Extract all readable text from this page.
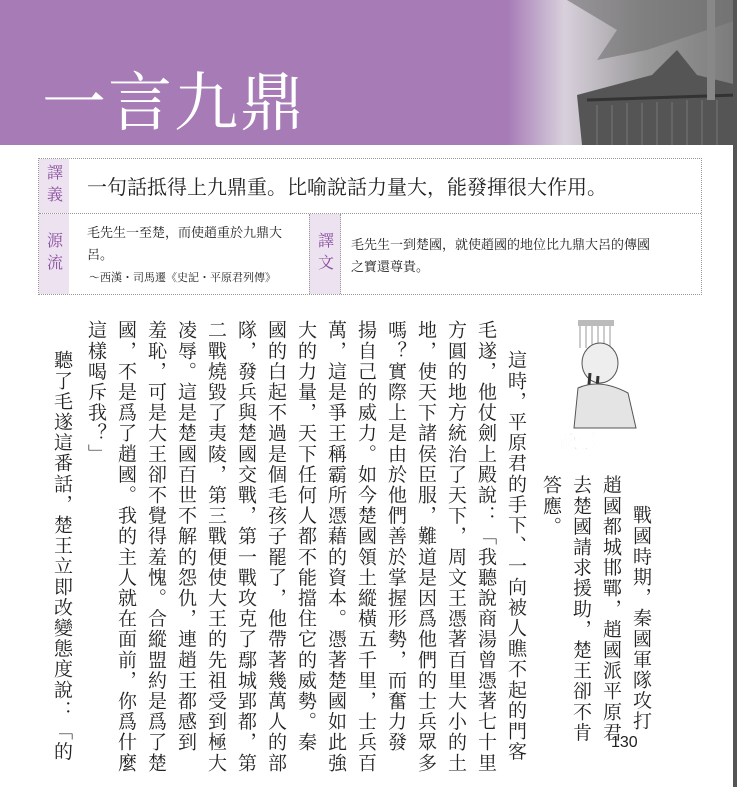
一言九鼎
譯義 一句話抵得上九鼎重。比喻說話力量大，能發揮很大作用。
源流	毛先生一至楚，而使趙重於九鼎大呂。
～西漢・司馬遷《史記・平原君列傳》
譯文	毛先生一到楚國，就使趙國的地位比九鼎大呂的傳國之寶還尊貴。
故事
戰國時期，秦國軍隊攻打
趙國都城邯鄲，趙國派平原君
去楚國請求援助，楚王卻不肯
答應。
這時，平原君的手下、一向被人瞧不起的門客
毛遂，他仗劍上殿說：「我聽說商湯曾憑著七十里
方圓的地方統治了天下，周文王憑著百里大小的土
地，使天下諸侯臣服，難道是因爲他們的士兵眾多
嗎？實際上是由於他們善於掌握形勢，而奮力發
揚自己的威力。如今楚國領土縱橫五千里，士兵百
萬，這是爭王稱霸所憑藉的資本。憑著楚國如此強
大的力量，天下任何人都不能擋住它的威勢。秦
國的白起不過是個毛孩子罷了，他帶著幾萬人的部
隊，發兵與楚國交戰，第一戰攻克了鄢城郢都，第
二戰燒毀了夷陵，第三戰便使大王的先祖受到極大
凌辱。這是楚國百世不解的怨仇，連趙王都感到
羞恥，可是大王卻不覺得羞愧。合縱盟約是爲了楚
國，不是爲了趙國。我的主人就在面前，你爲什麼
這樣喝斥我？」
聽了毛遂這番話，楚王立即改變態度說：「的	130
